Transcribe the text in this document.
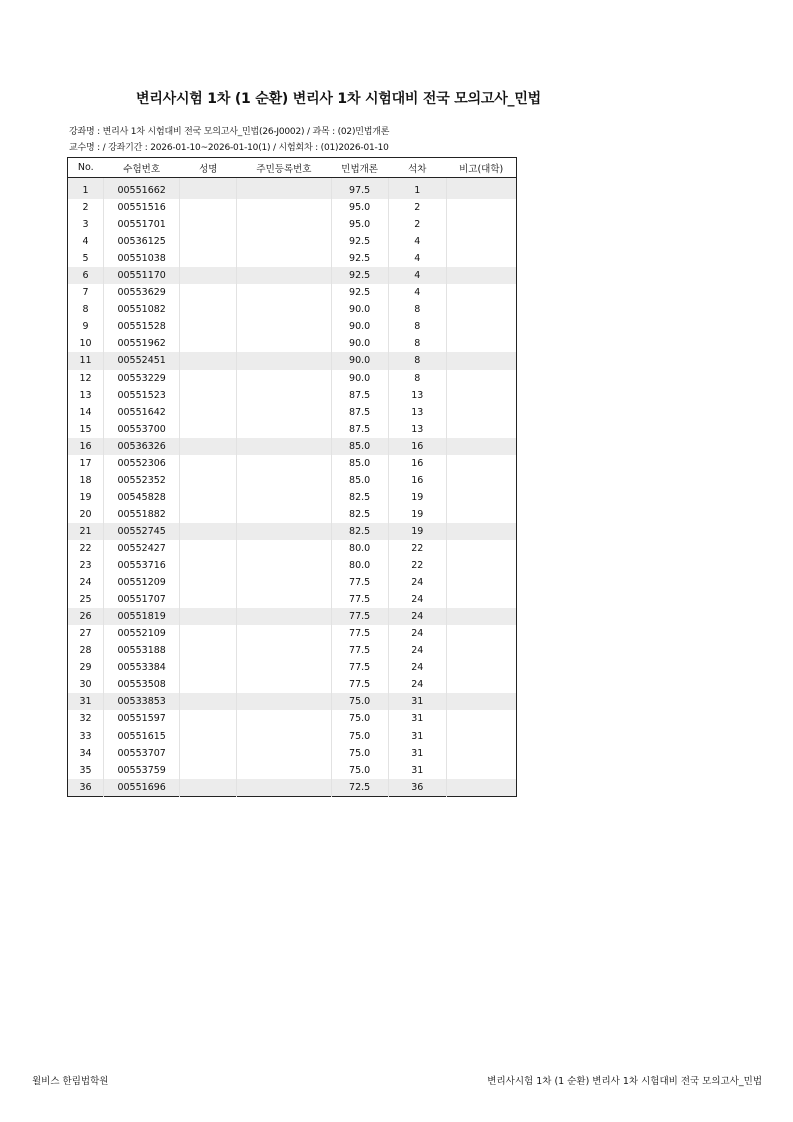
변리사시험 1차 (1 순환) 변리사 1차 시험대비 전국 모의고사_민법
강좌명 : 변리사 1차 시험대비 전국 모의고사_민법(26-J0002) / 과목 : (02)민법개론
교수명 : / 강좌기간 : 2026-01-10~2026-01-10(1) / 시험회차 : (01)2026-01-10
No.	수험번호	성명	주민등록번호	민법개론	석차	비고(대학)
1	00551662			97.5	1	
2	00551516			95.0	2	
3	00551701			95.0	2	
4	00536125			92.5	4	
5	00551038			92.5	4	
6	00551170			92.5	4	
7	00553629			92.5	4	
8	00551082			90.0	8	
9	00551528			90.0	8	
10	00551962			90.0	8	
11	00552451			90.0	8	
12	00553229			90.0	8	
13	00551523			87.5	13	
14	00551642			87.5	13	
15	00553700			87.5	13	
16	00536326			85.0	16	
17	00552306			85.0	16	
18	00552352			85.0	16	
19	00545828			82.5	19	
20	00551882			82.5	19	
21	00552745			82.5	19	
22	00552427			80.0	22	
23	00553716			80.0	22	
24	00551209			77.5	24	
25	00551707			77.5	24	
26	00551819			77.5	24	
27	00552109			77.5	24	
28	00553188			77.5	24	
29	00553384			77.5	24	
30	00553508			77.5	24	
31	00533853			75.0	31	
32	00551597			75.0	31	
33	00551615			75.0	31	
34	00553707			75.0	31	
35	00553759			75.0	31	
36	00551696			72.5	36	
윌비스 한림법학원	변리사시험 1차 (1 순환) 변리사 1차 시험대비 전국 모의고사_민법
